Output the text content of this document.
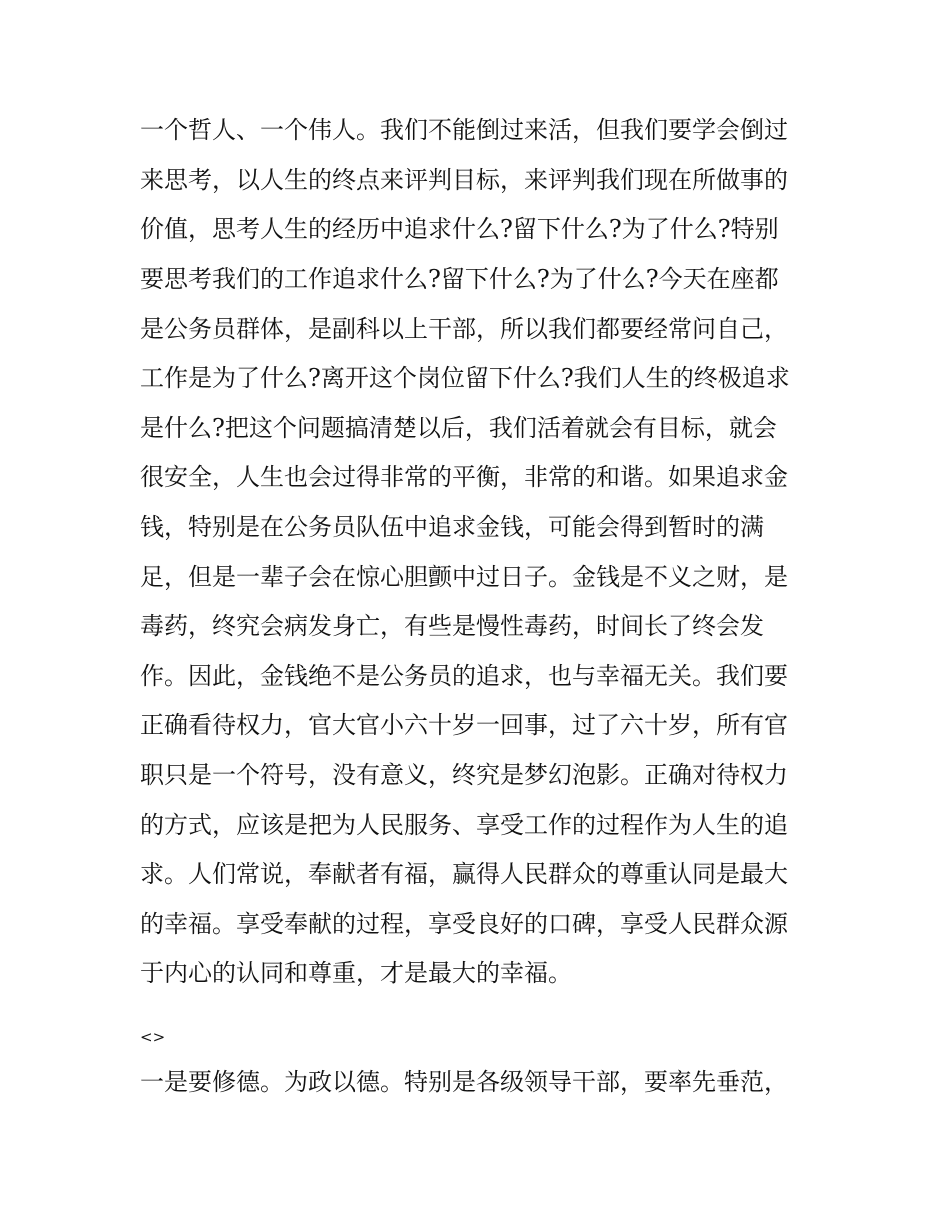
一个哲人、一个伟人。我们不能倒过来活，但我们要学会倒过
来思考，以人生的终点来评判目标，来评判我们现在所做事的
价值，思考人生的经历中追求什么?留下什么?为了什么?特别
要思考我们的工作追求什么?留下什么?为了什么?今天在座都
是公务员群体，是副科以上干部，所以我们都要经常问自己，
工作是为了什么?离开这个岗位留下什么?我们人生的终极追求
是什么?把这个问题搞清楚以后，我们活着就会有目标，就会
很安全，人生也会过得非常的平衡，非常的和谐。如果追求金
钱，特别是在公务员队伍中追求金钱，可能会得到暂时的满
足，但是一辈子会在惊心胆颤中过日子。金钱是不义之财，是
毒药，终究会病发身亡，有些是慢性毒药，时间长了终会发
作。因此，金钱绝不是公务员的追求，也与幸福无关。我们要
正确看待权力，官大官小六十岁一回事，过了六十岁，所有官
职只是一个符号，没有意义，终究是梦幻泡影。正确对待权力
的方式，应该是把为人民服务、享受工作的过程作为人生的追
求。人们常说，奉献者有福，赢得人民群众的尊重认同是最大
的幸福。享受奉献的过程，享受良好的口碑，享受人民群众源
于内心的认同和尊重，才是最大的幸福。
<>
一是要修德。为政以德。特别是各级领导干部，要率先垂范，
